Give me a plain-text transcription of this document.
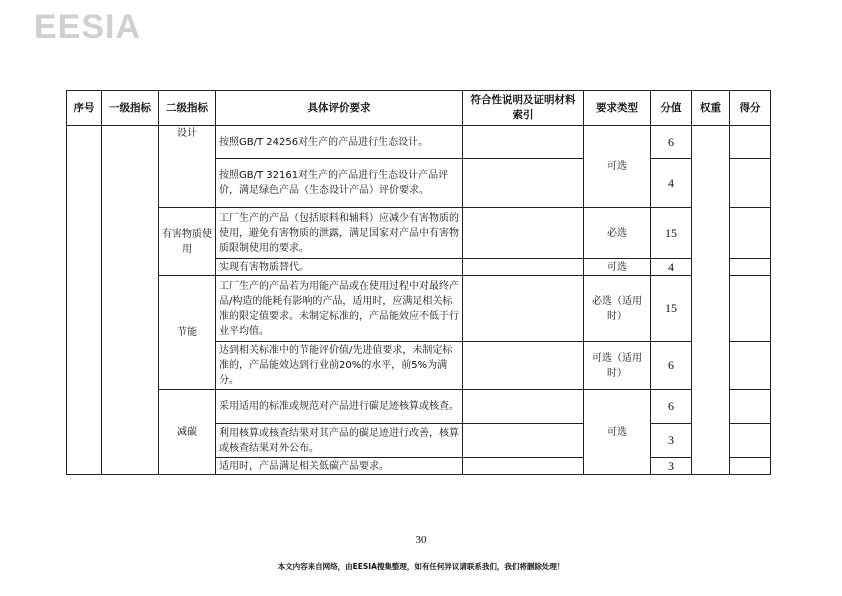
EESIA
序号	一级指标	二级指标	具体评价要求	符合性说明及证明材料索引	要求类型	分值	权重	得分
		设计	按照GB/T 24256对生产的产品进行生态设计。		可选	6		
			按照GB/T 32161对生产的产品进行生态设计产品评价，满足绿色产品（生态设计产品）评价要求。			4		
		有害物质使用	工厂生产的产品（包括原料和辅料）应减少有害物质的使用，避免有害物质的泄露，满足国家对产品中有害物质限制使用的要求。		必选	15		
			实现有害物质替代。		可选	4		
		节能	工厂生产的产品若为用能产品或在使用过程中对最终产品/构造的能耗有影响的产品，适用时，应满足相关标准的限定值要求。未制定标准的，产品能效应不低于行业平均值。		必选（适用时）	15		
			达到相关标准中的节能评价值/先进值要求，未制定标准的，产品能效达到行业前20%的水平，前5%为满分。		可选（适用时）	6		
		减碳	采用适用的标准或规范对产品进行碳足迹核算或核查。		可选	6		
			利用核算或核查结果对其产品的碳足迹进行改善，核算或核查结果对外公布。			3		
			适用时，产品满足相关低碳产品要求。			3		
30
本文内容来自网络，由EESIA搜集整理，如有任何异议请联系我们，我们将删除处理！
